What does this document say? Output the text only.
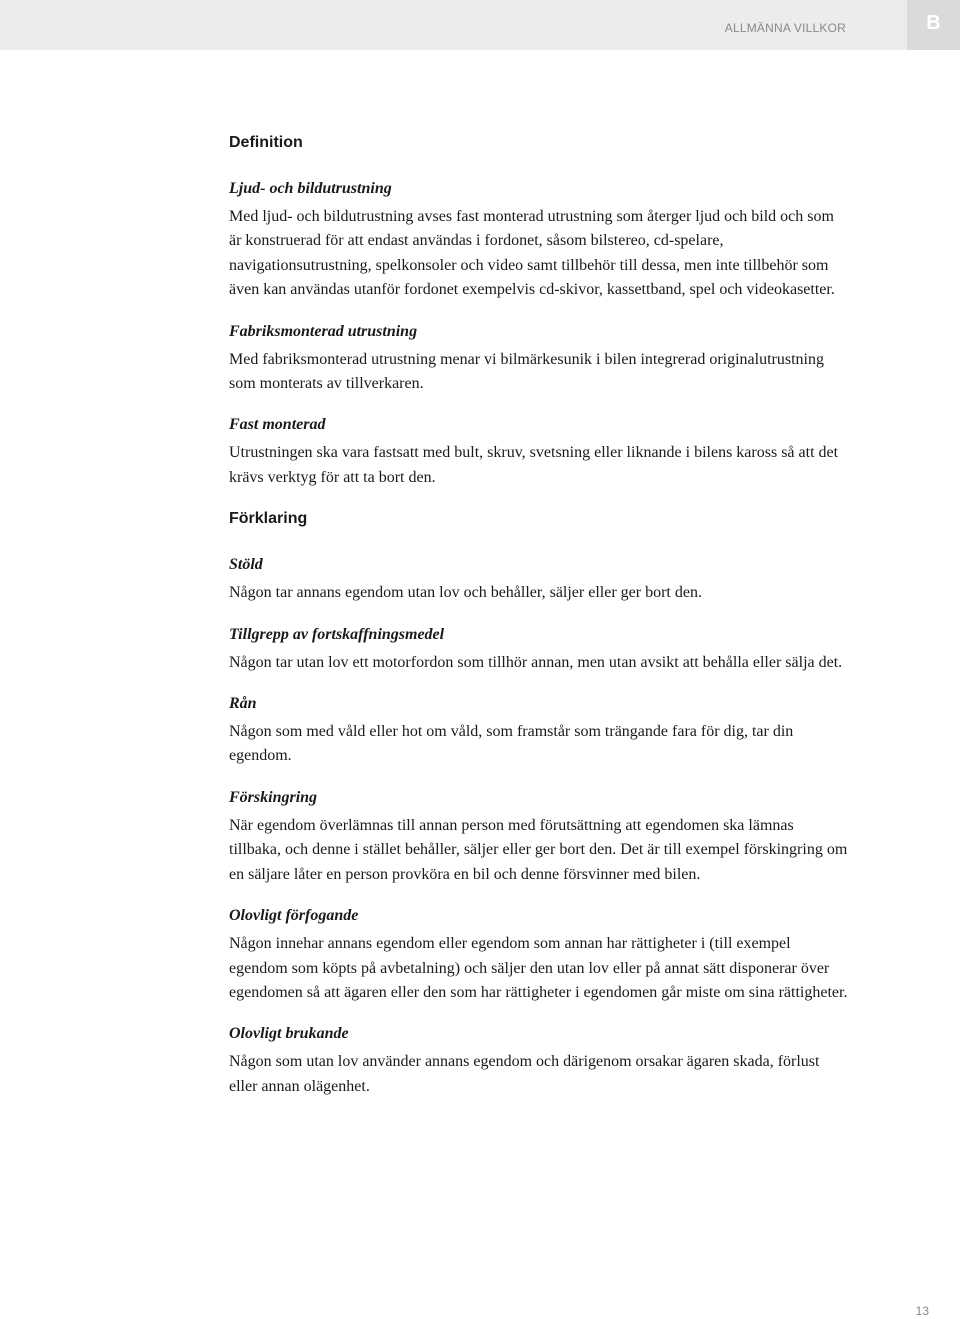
ALLMÄNNA VILLKOR	B
Definition

Ljud- och bildutrustning

Med ljud- och bildutrustning avses fast monterad utrustning som återger ljud och bild och som är konstruerad för att endast användas i fordonet, såsom bilstereo, cd-spelare, navigationsutrustning, spelkonsoler och video samt tillbehör till dessa, men inte tillbehör som även kan användas utanför fordonet exempelvis cd-skivor, kassettband, spel och videokasetter.

Fabriksmonterad utrustning

Med fabriksmonterad utrustning menar vi bilmärkesunik i bilen integrerad originalutrustning som monterats av tillverkaren.

Fast monterad

Utrustningen ska vara fastsatt med bult, skruv, svetsning eller liknande i bilens kaross så att det krävs verktyg för att ta bort den.

Förklaring

Stöld

Någon tar annans egendom utan lov och behåller, säljer eller ger bort den.

Tillgrepp av fortskaffningsmedel

Någon tar utan lov ett motorfordon som tillhör annan, men utan avsikt att behålla eller sälja det.

Rån

Någon som med våld eller hot om våld, som framstår som trängande fara för dig, tar din egendom.

Förskingring

När egendom överlämnas till annan person med förutsättning att egendomen ska lämnas tillbaka, och denne i stället behåller, säljer eller ger bort den. Det är till exempel förskingring om en säljare låter en person provköra en bil och denne försvinner med bilen.

Olovligt förfogande

Någon innehar annans egendom eller egendom som annan har rättigheter i (till exempel egendom som köpts på avbetalning) och säljer den utan lov eller på annat sätt disponerar över egendomen så att ägaren eller den som har rättigheter i egendomen går miste om sina rättigheter.

Olovligt brukande

Någon som utan lov använder annans egendom och därigenom orsakar ägaren skada, förlust eller annan olägenhet.

13
